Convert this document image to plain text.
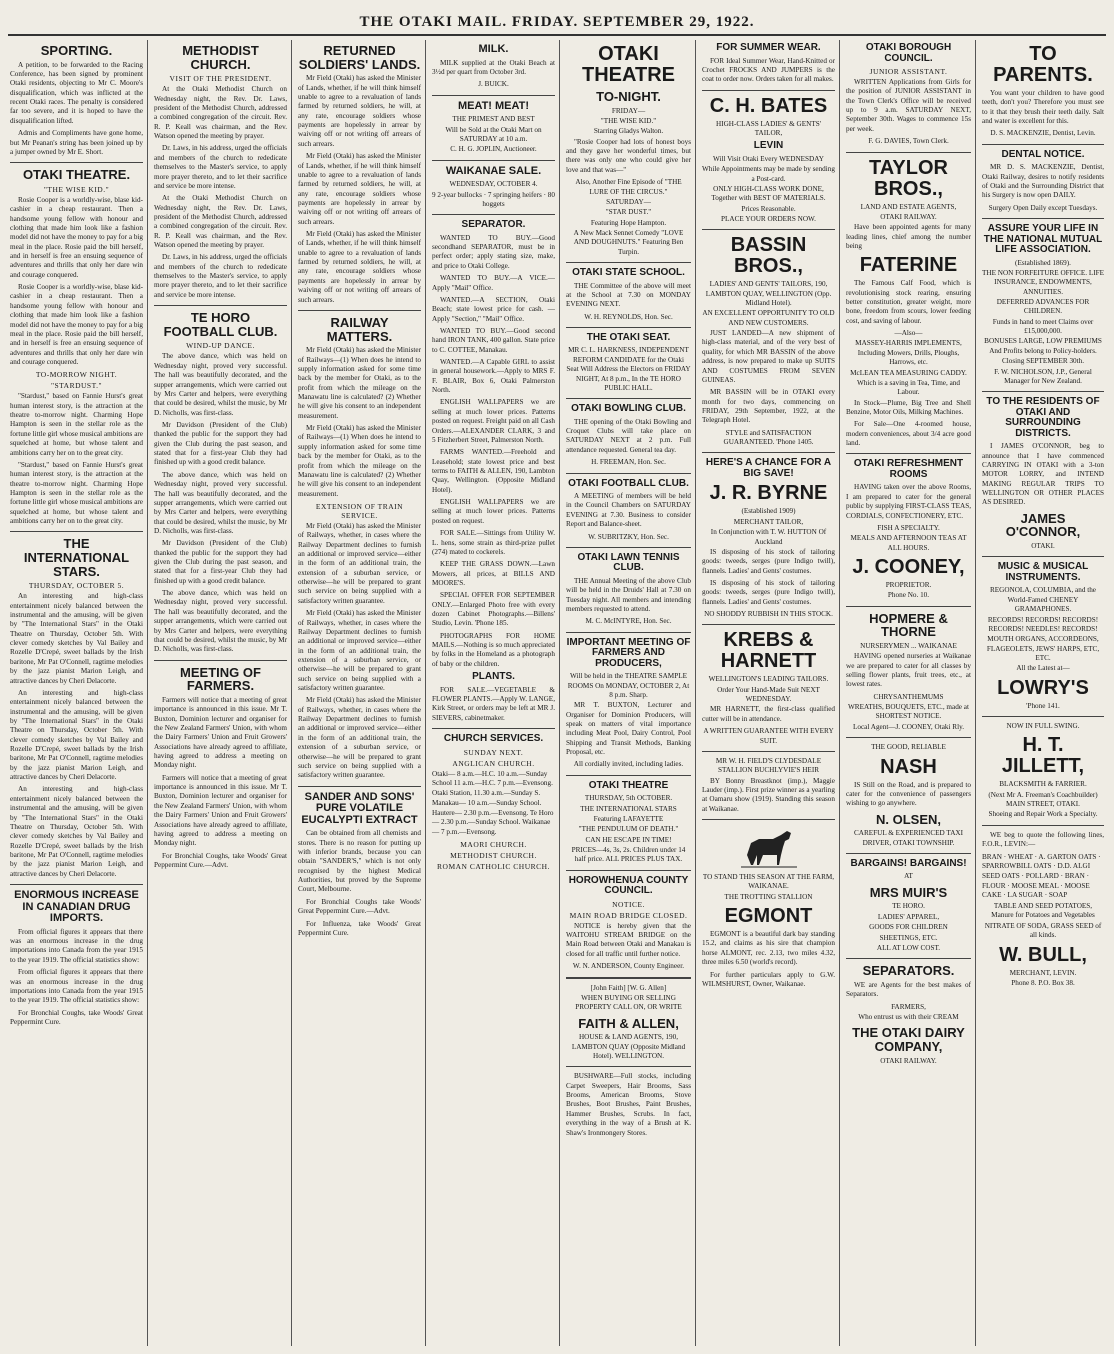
THE OTAKI MAIL. FRIDAY. SEPTEMBER 29, 1922.
SPORTING.
A petition, to be forwarded to the Racing Conference, has been signed by prominent Otaki residents, objecting to Mr C. Moore's disqualification, which was inflicted at the recent Otaki races. The penalty is considered far too severe, and it is hoped to have the disqualification lifted.
Admis and Compliments have gone home, but Mr Peanan's string has been joined up by a jumper owned by Mr E. Short.
OTAKI THEATRE.
"THE WISE KID."
Rosie Cooper is a worldly-wise, blase kid-cashier in a cheap restaurant. Then a handsome young fellow with honour and clothing that made him look like a fashion model did not have the money to pay for a big meal in the place. Rosie paid the bill herself, and in herself is free an ensuing sequence of adventures and thrills that only her dare win and courage conquered.
Rosie Cooper is a worldly-wise, blase kid-cashier in a cheap restaurant. Then a handsome young fellow with honour and clothing that made him look like a fashion model did not have the money to pay for a big meal in the place. Rosie paid the bill herself, and in herself is free an ensuing sequence of adventures and thrills that only her dare win and courage conquered.
TO-MORROW NIGHT.
"STARDUST."
"Stardust," based on Fannie Hurst's great human interest story, is the attraction at the theatre to-morrow night. Charming Hope Hampton is seen in the stellar role as the fortune little girl whose musical ambitions are squelched at home, but whose talent and ambitions carry her on to the great city.
"Stardust," based on Fannie Hurst's great human interest story, is the attraction at the theatre to-morrow night. Charming Hope Hampton is seen in the stellar role as the fortune little girl whose musical ambitions are squelched at home, but whose talent and ambitions carry her on to the great city.
THE INTERNATIONAL STARS.
THURSDAY, OCTOBER 5.
An interesting and high-class entertainment nicely balanced between the instrumental and the amusing, will be given by "The International Stars" in the Otaki Theatre on Thursday, October 5th. With clever comedy sketches by Val Bailey and Rozelle D'Crepé, sweet ballads by the Irish baritone, Mr Pat O'Connell, ragtime melodies by the jazz pianist Marion Leigh, and attractive dances by Cheri Delacorte.
An interesting and high-class entertainment nicely balanced between the instrumental and the amusing, will be given by "The International Stars" in the Otaki Theatre on Thursday, October 5th. With clever comedy sketches by Val Bailey and Rozelle D'Crepé, sweet ballads by the Irish baritone, Mr Pat O'Connell, ragtime melodies by the jazz pianist Marion Leigh, and attractive dances by Cheri Delacorte.
An interesting and high-class entertainment nicely balanced between the instrumental and the amusing, will be given by "The International Stars" in the Otaki Theatre on Thursday, October 5th. With clever comedy sketches by Val Bailey and Rozelle D'Crepé, sweet ballads by the Irish baritone, Mr Pat O'Connell, ragtime melodies by the jazz pianist Marion Leigh, and attractive dances by Cheri Delacorte.
ENORMOUS INCREASE IN CANADIAN DRUG IMPORTS.
From official figures it appears that there was an enormous increase in the drug importations into Canada from the year 1915 to the year 1919. The official statistics show:
From official figures it appears that there was an enormous increase in the drug importations into Canada from the year 1915 to the year 1919. The official statistics show:
For Bronchial Coughs, take Woods' Great Peppermint Cure.
METHODIST CHURCH.
VISIT OF THE PRESIDENT.
At the Otaki Methodist Church on Wednesday night, the Rev. Dr. Laws, president of the Methodist Church, addressed a combined congregation of the circuit. Rev. R. P. Keall was chairman, and the Rev. Watson opened the meeting by prayer.
Dr. Laws, in his address, urged the officials and members of the church to rededicate themselves to the Master's service, to apply more prayer thereto, and to let their sacrifice and service be more intense.
At the Otaki Methodist Church on Wednesday night, the Rev. Dr. Laws, president of the Methodist Church, addressed a combined congregation of the circuit. Rev. R. P. Keall was chairman, and the Rev. Watson opened the meeting by prayer.
Dr. Laws, in his address, urged the officials and members of the church to rededicate themselves to the Master's service, to apply more prayer thereto, and to let their sacrifice and service be more intense.
TE HORO FOOTBALL CLUB.
WIND-UP DANCE.
The above dance, which was held on Wednesday night, proved very successful. The hall was beautifully decorated, and the supper arrangements, which were carried out by Mrs Carter and helpers, were everything that could be desired, whilst the music, by Mr D. Nicholls, was first-class.
Mr Davidson (President of the Club) thanked the public for the support they had given the Club during the past season, and stated that for a first-year Club they had finished up with a good credit balance.
The above dance, which was held on Wednesday night, proved very successful. The hall was beautifully decorated, and the supper arrangements, which were carried out by Mrs Carter and helpers, were everything that could be desired, whilst the music, by Mr D. Nicholls, was first-class.
Mr Davidson (President of the Club) thanked the public for the support they had given the Club during the past season, and stated that for a first-year Club they had finished up with a good credit balance.
The above dance, which was held on Wednesday night, proved very successful. The hall was beautifully decorated, and the supper arrangements, which were carried out by Mrs Carter and helpers, were everything that could be desired, whilst the music, by Mr D. Nicholls, was first-class.
MEETING OF FARMERS.
Farmers will notice that a meeting of great importance is announced in this issue. Mr T. Buxton, Dominion lecturer and organiser for the New Zealand Farmers' Union, with whom the Dairy Farmers' Union and Fruit Growers' Associations have already agreed to affiliate, having agreed to address a meeting on Monday night.
Farmers will notice that a meeting of great importance is announced in this issue. Mr T. Buxton, Dominion lecturer and organiser for the New Zealand Farmers' Union, with whom the Dairy Farmers' Union and Fruit Growers' Associations have already agreed to affiliate, having agreed to address a meeting on Monday night.
For Bronchial Coughs, take Woods' Great Peppermint Cure.—Advt.
RETURNED SOLDIERS' LANDS.
Mr Field (Otaki) has asked the Minister of Lands, whether, if he will think himself unable to agree to a revaluation of lands farmed by returned soldiers, he will, at any rate, encourage soldiers whose payments are hopelessly in arrear by waiving off or not writing off arrears of such arrears.
Mr Field (Otaki) has asked the Minister of Lands, whether, if he will think himself unable to agree to a revaluation of lands farmed by returned soldiers, he will, at any rate, encourage soldiers whose payments are hopelessly in arrear by waiving off or not writing off arrears of such arrears.
Mr Field (Otaki) has asked the Minister of Lands, whether, if he will think himself unable to agree to a revaluation of lands farmed by returned soldiers, he will, at any rate, encourage soldiers whose payments are hopelessly in arrear by waiving off or not writing off arrears of such arrears.
RAILWAY MATTERS.
Mr Field (Otaki) has asked the Minister of Railways—(1) When does he intend to supply information asked for some time back by the member for Otaki, as to the profit from which the mileage on the Manawatu line is calculated? (2) Whether he will give his consent to an independent measurement.
Mr Field (Otaki) has asked the Minister of Railways—(1) When does he intend to supply information asked for some time back by the member for Otaki, as to the profit from which the mileage on the Manawatu line is calculated? (2) Whether he will give his consent to an independent measurement.
EXTENSION OF TRAIN SERVICE.
Mr Field (Otaki) has asked the Minister of Railways, whether, in cases where the Railway Department declines to furnish an additional or improved service—either in the form of an additional train, the extension of a suburban service, or otherwise—he will be prepared to grant such service on being supplied with a satisfactory written guarantee.
Mr Field (Otaki) has asked the Minister of Railways, whether, in cases where the Railway Department declines to furnish an additional or improved service—either in the form of an additional train, the extension of a suburban service, or otherwise—he will be prepared to grant such service on being supplied with a satisfactory written guarantee.
Mr Field (Otaki) has asked the Minister of Railways, whether, in cases where the Railway Department declines to furnish an additional or improved service—either in the form of an additional train, the extension of a suburban service, or otherwise—he will be prepared to grant such service on being supplied with a satisfactory written guarantee.
SANDER AND SONS' PURE VOLATILE EUCALYPTI EXTRACT
Can be obtained from all chemists and stores. There is no reason for putting up with inferior brands, because you can obtain "SANDER'S," which is not only recognised by the highest Medical Authorities, but proved by the Supreme Court, Melbourne.
For Bronchial Coughs take Woods' Great Peppermint Cure.—Advt.
For Influenza, take Woods' Great Peppermint Cure.
MILK.
MILK supplied at the Otaki Beach at 3½d per quart from October 3rd.
J. BUICK.
MEAT! MEAT!
THE PRIMEST AND BEST
Will be Sold at the Otaki Mart on SATURDAY at 10 a.m.
C. H. G. JOPLIN, Auctioneer.
WAIKANAE SALE.
WEDNESDAY, OCTOBER 4.
9 2-year bullocks · 7 springing heifers · 80 hoggets
SEPARATOR.
WANTED TO BUY.—Good secondhand SEPARATOR, must be in perfect order; apply stating size, make, and price to Otaki College.
WANTED TO BUY.—A VICE.—Apply "Mail" Office.
WANTED.—A SECTION, Otaki Beach; state lowest price for cash. —Apply "Section," "Mail" Office.
WANTED TO BUY.—Good second hand IRON TANK, 400 gallon. State price to C. COTTEE, Manakau.
WANTED.—A Capable GIRL to assist in general housework.—Apply to MRS F. F. BLAIR, Box 6, Otaki Palmerston North.
ENGLISH WALLPAPERS we are selling at much lower prices. Patterns posted on request. Freight paid on all Cash Orders.—ALEXANDER CLARK, 3 and 5 Fitzherbert Street, Palmerston North.
FARMS WANTED.—Freehold and Leasehold; state lowest price and best terms to FAITH & ALLEN, 190, Lambton Quay, Wellington. (Opposite Midland Hotel).
ENGLISH WALLPAPERS we are selling at much lower prices. Patterns posted on request.
FOR SALE.—Sittings from Utility W. L. hens, some strain as third-prize pullet (274) mated to cockerels.
KEEP THE GRASS DOWN.—Lawn Mowers, all prices, at BILLS AND MOORE'S.
SPECIAL OFFER FOR SEPTEMBER ONLY.—Enlarged Photo free with every dozen Cabinet Photographs.—Billens' Studio, Levin. 'Phone 185.
PHOTOGRAPHS FOR HOME MAILS.—Nothing is so much appreciated by folks in the Homeland as a photograph of baby or the children.
PLANTS.
FOR SALE.—VEGETABLE & FLOWER PLANTS.—Apply W. LANGE, Kirk Street, or orders may be left at MR J. SIEVERS, cabinetmaker.
CHURCH SERVICES.
SUNDAY NEXT.
ANGLICAN CHURCH.
Otaki— 8 a.m.—H.C. 10 a.m.—Sunday School 11 a.m.—H.C. 7 p.m.—Evensong. Otaki Station, 11.30 a.m.—Sunday S. Manakau— 10 a.m.—Sunday School. Hautere— 2.30 p.m.—Evensong. Te Horo— 2.30 p.m.—Sunday School. Waikanae— 7 p.m.—Evensong.
MAORI CHURCH.
METHODIST CHURCH.
ROMAN CATHOLIC CHURCH.
OTAKI THEATRE
TO-NIGHT.
FRIDAY—
"THE WISE KID."
Starring Gladys Walton.
"Rosie Cooper had lots of honest boys and they gave her wonderful times, but there was only one who could give her love and that was—"
Also, Another Fine Episode of "THE LURE OF THE CIRCUS."
SATURDAY—
"STAR DUST."
Featuring Hope Hampton.
A New Mack Sennet Comedy "LOVE AND DOUGHNUTS." Featuring Ben Turpin.
OTAKI STATE SCHOOL.
THE Committee of the above will meet at the School at 7.30 on MONDAY EVENING NEXT.
W. H. REYNOLDS, Hon. Sec.
THE OTAKI SEAT.
MR C. L. HARKNESS, INDEPENDENT REFORM CANDIDATE for the Otaki Seat Will Address the Electors on FRIDAY NIGHT, At 8 p.m., In the TE HORO PUBLIC HALL.
OTAKI BOWLING CLUB.
THE opening of the Otaki Bowling and Croquet Clubs will take place on SATURDAY NEXT at 2 p.m. Full attendance requested. General tea day.
H. FREEMAN, Hon. Sec.
OTAKI FOOTBALL CLUB.
A MEETING of members will be held in the Council Chambers on SATURDAY EVENING at 7.30. Business to consider Report and Balance-sheet.
W. SUBRITZKY, Hon. Sec.
OTAKI LAWN TENNIS CLUB.
THE Annual Meeting of the above Club will be held in the Druids' Hall at 7.30 on Tuesday night. All members and intending members requested to attend.
M. C. McINTYRE, Hon. Sec.
IMPORTANT MEETING OF FARMERS AND PRODUCERS,
Will be held in the THEATRE SAMPLE ROOMS On MONDAY, OCTOBER 2, At 8 p.m. Sharp.
MR T. BUXTON, Lecturer and Organiser for Dominion Producers, will speak on matters of vital importance including Meat Pool, Dairy Control, Pool Shipping and Transit Methods, Banking Proposal, etc.
All cordially invited, including ladies.
OTAKI THEATRE
THURSDAY, 5th OCTOBER.
THE INTERNATIONAL STARS
Featuring LAFAYETTE
"THE PENDULUM OF DEATH."
CAN HE ESCAPE IN TIME!
PRICES—4s, 3s, 2s. Children under 14 half price. ALL PRICES PLUS TAX.
HOROWHENUA COUNTY COUNCIL.
NOTICE.
MAIN ROAD BRIDGE CLOSED.
NOTICE is hereby given that the WAITOHU STREAM BRIDGE on the Main Road between Otaki and Manakau is closed for all traffic until further notice.
W. N. ANDERSON, County Engineer.
[John Faith] [W. G. Allen]
WHEN BUYING OR SELLING PROPERTY CALL ON, OR WRITE
FAITH & ALLEN,
HOUSE & LAND AGENTS, 190, LAMBTON QUAY (Opposite Midland Hotel). WELLINGTON.
BUSHWARE—Full stocks, including Carpet Sweepers, Hair Brooms, Sass Brooms, American Brooms, Stove Brushes, Boot Brushes, Paint Brushes, Hammer Brushes, Scrubs. In fact, everything in the way of a Brush at K. Shaw's Ironmongery Stores.
FOR SUMMER WEAR.
FOR Ideal Summer Wear, Hand-Knitted or Crochet FROCKS AND JUMPERS is the coat to order now. Orders taken for all makes.
C. H. BATES
HIGH-CLASS LADIES' & GENTS' TAILOR,
LEVIN
Will Visit Otaki Every WEDNESDAY
While Appointments may be made by sending a Post-card.
ONLY HIGH-CLASS WORK DONE, Together with BEST OF MATERIALS.
Prices Reasonable.
PLACE YOUR ORDERS NOW.
BASSIN BROS.,
LADIES' AND GENTS' TAILORS, 190, LAMBTON QUAY, WELLINGTON (Opp. Midland Hotel).
AN EXCELLENT OPPORTUNITY TO OLD AND NEW CUSTOMERS.
JUST LANDED—A new shipment of high-class material, and of the very best of quality, for which MR BASSIN of the above address, is now prepared to make up SUITS AND COSTUMES FROM SEVEN GUINEAS.
MR BASSIN will be in OTAKI every month for two days, commencing on FRIDAY, 29th September, 1922, at the Telegraph Hotel.
STYLE and SATISFACTION GUARANTEED. 'Phone 1405.
HERE'S A CHANCE FOR A BIG SAVE!
J. R. BYRNE
(Established 1909)
MERCHANT TAILOR,
In Conjunction with T. W. HUTTON Of Auckland
IS disposing of his stock of tailoring goods: tweeds, serges (pure Indigo twill), flannels. Ladies' and Gents' costumes.
IS disposing of his stock of tailoring goods: tweeds, serges (pure Indigo twill), flannels. Ladies' and Gents' costumes.
NO SHODDY RUBBISH IN THIS STOCK.
KREBS & HARNETT
WELLINGTON'S LEADING TAILORS.
Order Your Hand-Made Suit NEXT WEDNESDAY.
MR HARNETT, the first-class qualified cutter will be in attendance.
A WRITTEN GUARANTEE WITH EVERY SUIT.
MR W. H. FIELD'S CLYDESDALE STALLION BUCHLYVIE'S HEIR
BY Bonny Breastknot (imp.), Maggie Lauder (imp.). First prize winner as a yearling at Oamaru show (1919). Standing this season at Waikanae.
TO STAND THIS SEASON AT THE FARM, WAIKANAE.
THE TROTTING STALLION
EGMONT
EGMONT is a beautiful dark bay standing 15.2, and claims as his sire that champion horse ALMONT, rec. 2.13, two miles 4.32, three miles 6.50 (world's record).
For further particulars apply to G.W. WILMSHURST, Owner, Waikanae.
OTAKI BOROUGH COUNCIL.
JUNIOR ASSISTANT.
WRITTEN Applications from Girls for the position of JUNIOR ASSISTANT in the Town Clerk's Office will be received up to 9 a.m. SATURDAY NEXT, September 30th. Wages to commence 15s per week.
F. G. DAVIES, Town Clerk.
TAYLOR BROS.,
LAND AND ESTATE AGENTS,
OTAKI RAILWAY.
Have been appointed agents for many leading lines, chief among the number being
FATERINE
The Famous Calf Food, which is revolutionising stock rearing, ensuring better constitution, greater weight, more bone, freedom from scours, lower feeding cost, and saving of labour.
—Also—
MASSEY-HARRIS IMPLEMENTS, Including Mowers, Drills, Ploughs, Harrows, etc.
McLEAN TEA MEASURING CADDY.
Which is a saving in Tea, Time, and Labour.
In Stock—Plume, Big Tree and Shell Benzine, Motor Oils, Milking Machines.
For Sale—One 4-roomed house, modern conveniences, about 3/4 acre good land.
OTAKI REFRESHMENT ROOMS
HAVING taken over the above Rooms, I am prepared to cater for the general public by supplying FIRST-CLASS TEAS, CORDIALS, CONFECTIONERY, ETC.
FISH A SPECIALTY.
MEALS AND AFTERNOON TEAS AT ALL HOURS.
J. COONEY,
PROPRIETOR.
Phone No. 10.
HOPMERE & THORNE
NURSERYMEN ... WAIKANAE
HAVING opened nurseries at Waikanae we are prepared to cater for all classes by selling flower plants, fruit trees, etc., at lowest rates.
CHRYSANTHEMUMS
WREATHS, BOUQUETS, ETC., made at SHORTEST NOTICE.
Local Agent—J. COONEY, Otaki Rly.
THE GOOD, RELIABLE
NASH
IS Still on the Road, and is prepared to cater for the convenience of passengers wishing to go anywhere.
N. OLSEN,
CAREFUL & EXPERIENCED TAXI DRIVER, OTAKI TOWNSHIP.
BARGAINS! BARGAINS!
AT
MRS MUIR'S
TE HORO.
LADIES' APPAREL,
GOODS FOR CHILDREN
SHEETINGS, ETC.
ALL AT LOW COST.
SEPARATORS.
WE are Agents for the best makes of Separators.
FARMERS,
Who entrust us with their CREAM
THE OTAKI DAIRY COMPANY,
OTAKI RAILWAY.
TO PARENTS.
You want your children to have good teeth, don't you? Therefore you must see to it that they brush their teeth daily. Salt and water is excellent for this.
D. S. MACKENZIE, Dentist, Levin.
DENTAL NOTICE.
MR D. S. MACKENZIE, Dentist, Otaki Railway, desires to notify residents of Otaki and the Surrounding District that his Surgery is now open DAILY.
Surgery Open Daily except Tuesdays.
ASSURE YOUR LIFE IN THE NATIONAL MUTUAL LIFE ASSOCIATION.
(Established 1869).
THE NON FORFEITURE OFFICE. LIFE INSURANCE, ENDOWMENTS, ANNUITIES.
DEFERRED ADVANCES FOR CHILDREN.
Funds in hand to meet Claims over £15,000,000.
BONUSES LARGE, LOW PREMIUMS And Profits belong to Policy-holders.
Closing SEPTEMBER 30th.
F. W. NICHOLSON, J.P., General Manager for New Zealand.
TO THE RESIDENTS OF OTAKI AND SURROUNDING DISTRICTS.
I JAMES O'CONNOR, beg to announce that I have commenced CARRYING IN OTAKI with a 3-ton MOTOR LORRY, and INTEND MAKING REGULAR TRIPS TO WELLINGTON OR OTHER PLACES AS DESIRED.
JAMES O'CONNOR,
OTAKI.
MUSIC & MUSICAL INSTRUMENTS.
REGONOLA, COLUMBIA, and the World-Famed CHENEY GRAMAPHONES.
RECORDS! RECORDS! RECORDS! RECORDS! NEEDLES! RECORDS!
MOUTH ORGANS, ACCORDEONS, FLAGEOLETS, JEWS' HARPS, ETC, ETC.
All the Latest at—
LOWRY'S
'Phone 141.
NOW IN FULL SWING.
H. T. JILLETT,
BLACKSMITH & FARRIER.
(Next Mr A. Freeman's Coachbuilder) MAIN STREET, OTAKI.
Shoeing and Repair Work a Specialty.
WE beg to quote the following lines, F.O.R., LEVIN:—
BRAN · WHEAT · A. GARTON OATS · SPARROWBILL OATS · D.D. ALGI SEED OATS · POLLARD · BRAN · FLOUR · MOOSE MEAL · MOOSE CAKE · LA SUGAR · SOAP
TABLE AND SEED POTATOES, Manure for Potatoes and Vegetables
NITRATE OF SODA, GRASS SEED of all kinds.
W. BULL,
MERCHANT, LEVIN.
Phone 8. P.O. Box 38.
